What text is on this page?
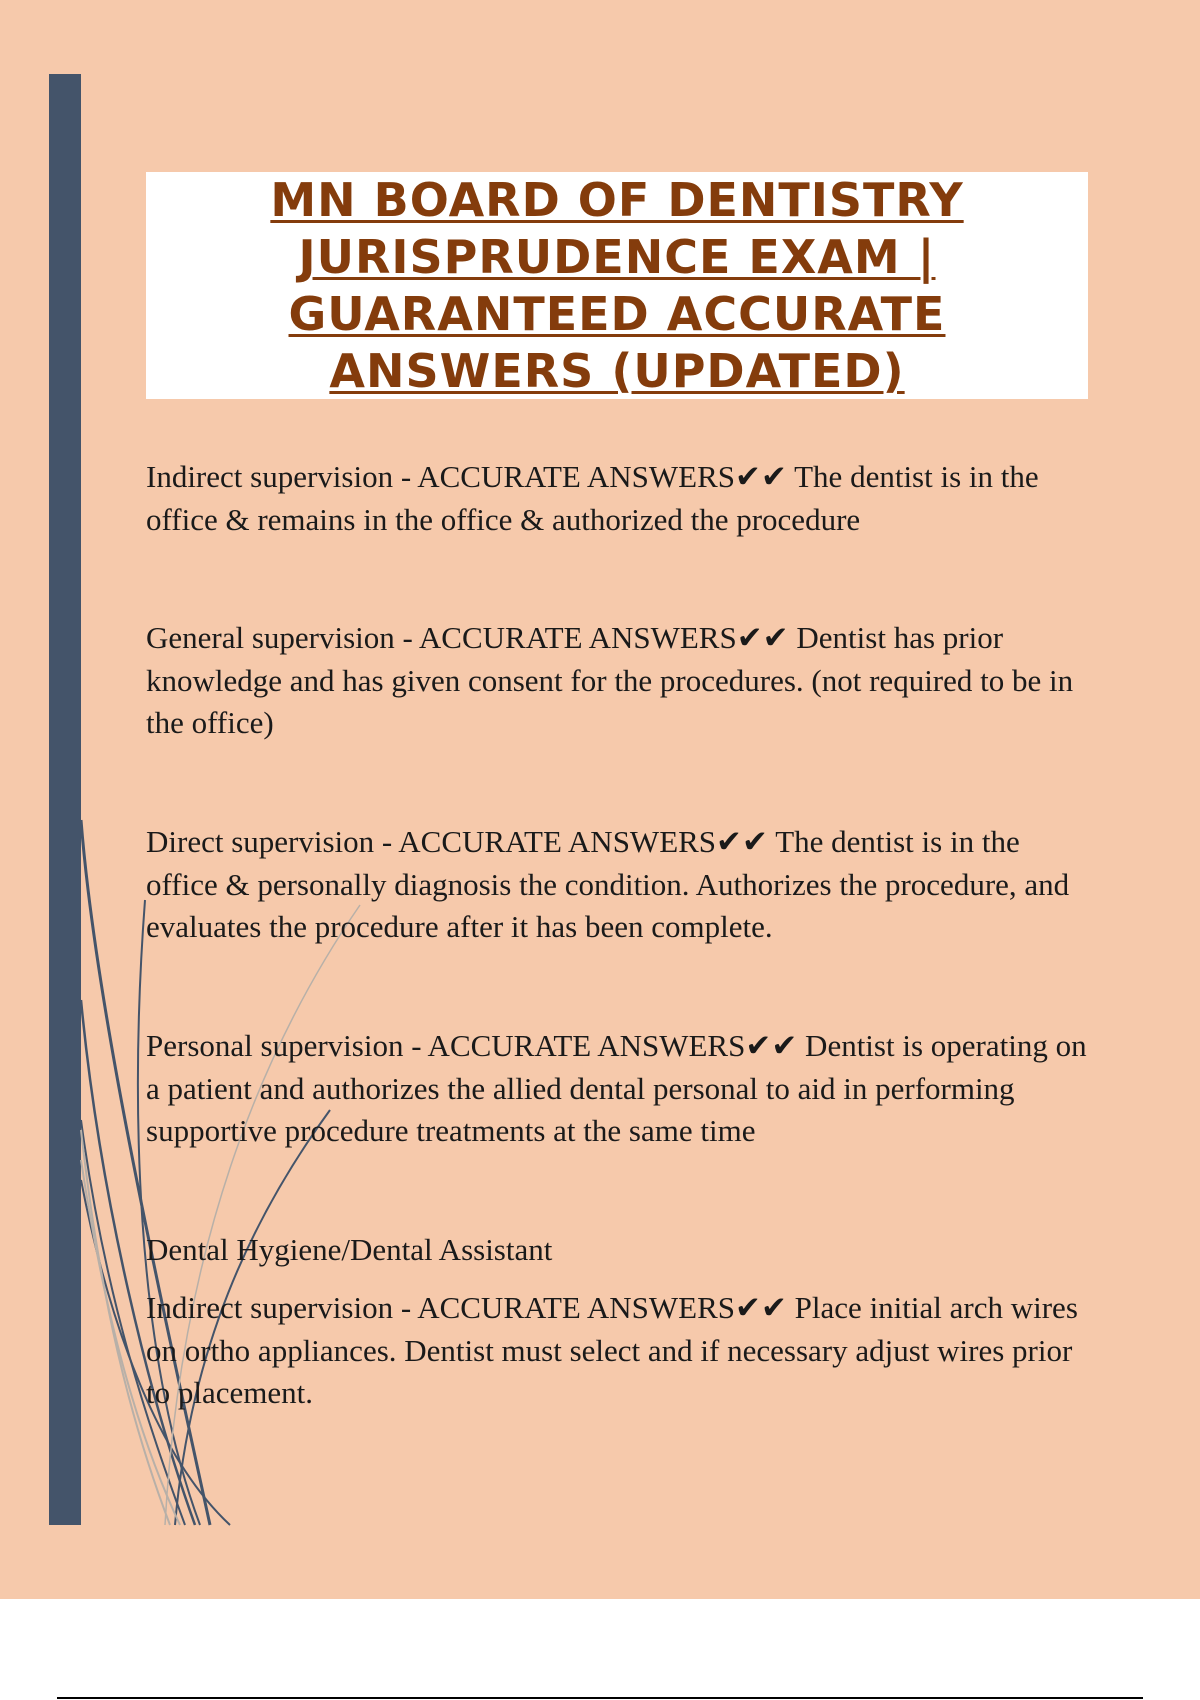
MN BOARD OF DENTISTRY JURISPRUDENCE EXAM | GUARANTEED ACCURATE ANSWERS (UPDATED)

Indirect supervision - ACCURATE ANSWERS✔✔ The dentist is in the office & remains in the office & authorized the procedure

General supervision - ACCURATE ANSWERS✔✔ Dentist has prior knowledge and has given consent for the procedures. (not required to be in the office)

Direct supervision - ACCURATE ANSWERS✔✔ The dentist is in the office & personally diagnosis the condition. Authorizes the procedure, and evaluates the procedure after it has been complete.

Personal supervision - ACCURATE ANSWERS✔✔ Dentist is operating on a patient and authorizes the allied dental personal to aid in performing supportive procedure treatments at the same time

Dental Hygiene/Dental Assistant

Indirect supervision - ACCURATE ANSWERS✔✔ Place initial arch wires on ortho appliances. Dentist must select and if necessary adjust wires prior to placement.
